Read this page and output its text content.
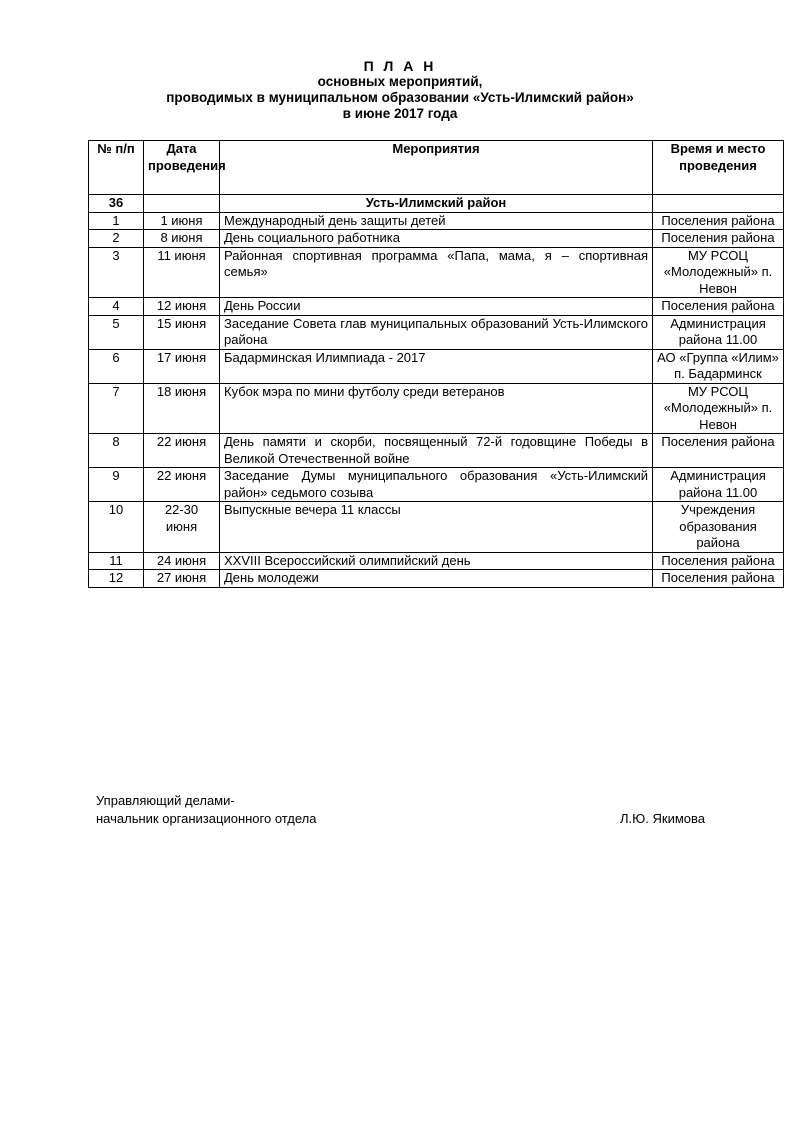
П Л А Н
основных мероприятий,
проводимых в муниципальном образовании «Усть-Илимский район»
в июне 2017 года
№ п/п	Дата проведения	Мероприятия	Время и место проведения
36		Усть-Илимский район	
1	1 июня	Международный день защиты детей	Поселения района
2	8 июня	День социального работника	Поселения района
3	11 июня	Районная спортивная программа «Папа, мама, я – спортивная семья»	МУ РСОЦ «Молодежный» п. Невон
4	12 июня	День России	Поселения района
5	15 июня	Заседание Совета глав муниципальных образований Усть-Илимского района	Администрация района 11.00
6	17 июня	Бадарминская Илимпиада - 2017	АО «Группа «Илим» п. Бадарминск
7	18 июня	Кубок мэра по мини футболу среди ветеранов	МУ РСОЦ «Молодежный» п. Невон
8	22 июня	День памяти и скорби, посвященный 72-й годовщине Победы в Великой Отечественной войне	Поселения района
9	22 июня	Заседание Думы муниципального образования «Усть-Илимский район» седьмого созыва	Администрация района 11.00
10	22-30 июня	Выпускные вечера 11 классы	Учреждения образования района
11	24 июня	XXVIII Всероссийский олимпийский день	Поселения района
12	27 июня	День молодежи	Поселения района
Управляющий делами-
начальник организационного отдела	Л.Ю. Якимова
